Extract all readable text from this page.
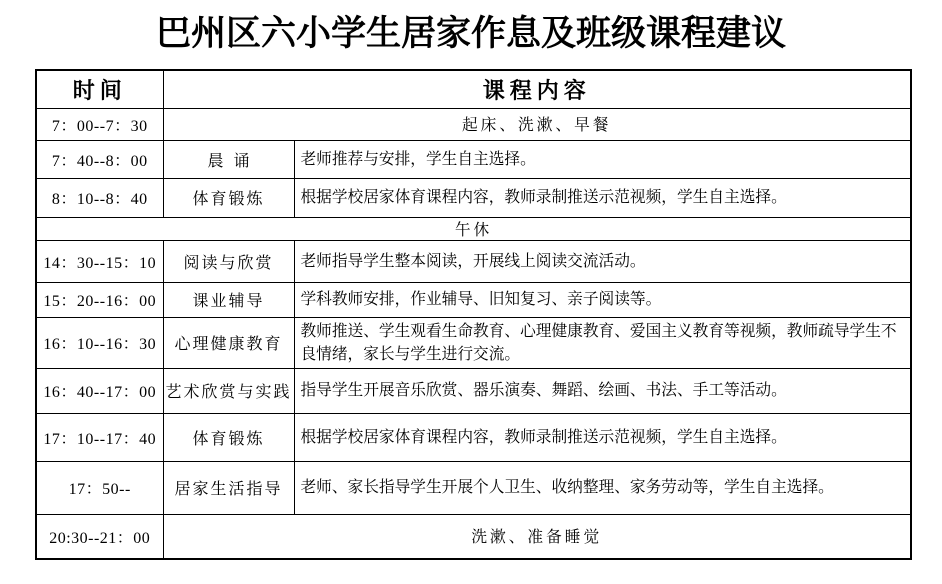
巴州区六小学生居家作息及班级课程建议
时间	课程内容	
7：00--7：30	起床、洗漱、早餐	
7：40--8：00	晨诵	老师推荐与安排，学生自主选择。
8：10--8：40	体育锻炼	根据学校居家体育课程内容，教师录制推送示范视频，学生自主选择。
午休		
14：30--15：10	阅读与欣赏	老师指导学生整本阅读，开展线上阅读交流活动。
15：20--16：00	课业辅导	学科教师安排，作业辅导、旧知复习、亲子阅读等。
16：10--16：30	心理健康教育	教师推送、学生观看生命教育、心理健康教育、爱国主义教育等视频，教师疏导学生不良情绪，家长与学生进行交流。
16：40--17：00	艺术欣赏与实践	指导学生开展音乐欣赏、器乐演奏、舞蹈、绘画、书法、手工等活动。
17：10--17：40	体育锻炼	根据学校居家体育课程内容，教师录制推送示范视频，学生自主选择。
17：50--	居家生活指导	老师、家长指导学生开展个人卫生、收纳整理、家务劳动等，学生自主选择。
20:30--21：00	洗漱、准备睡觉	
